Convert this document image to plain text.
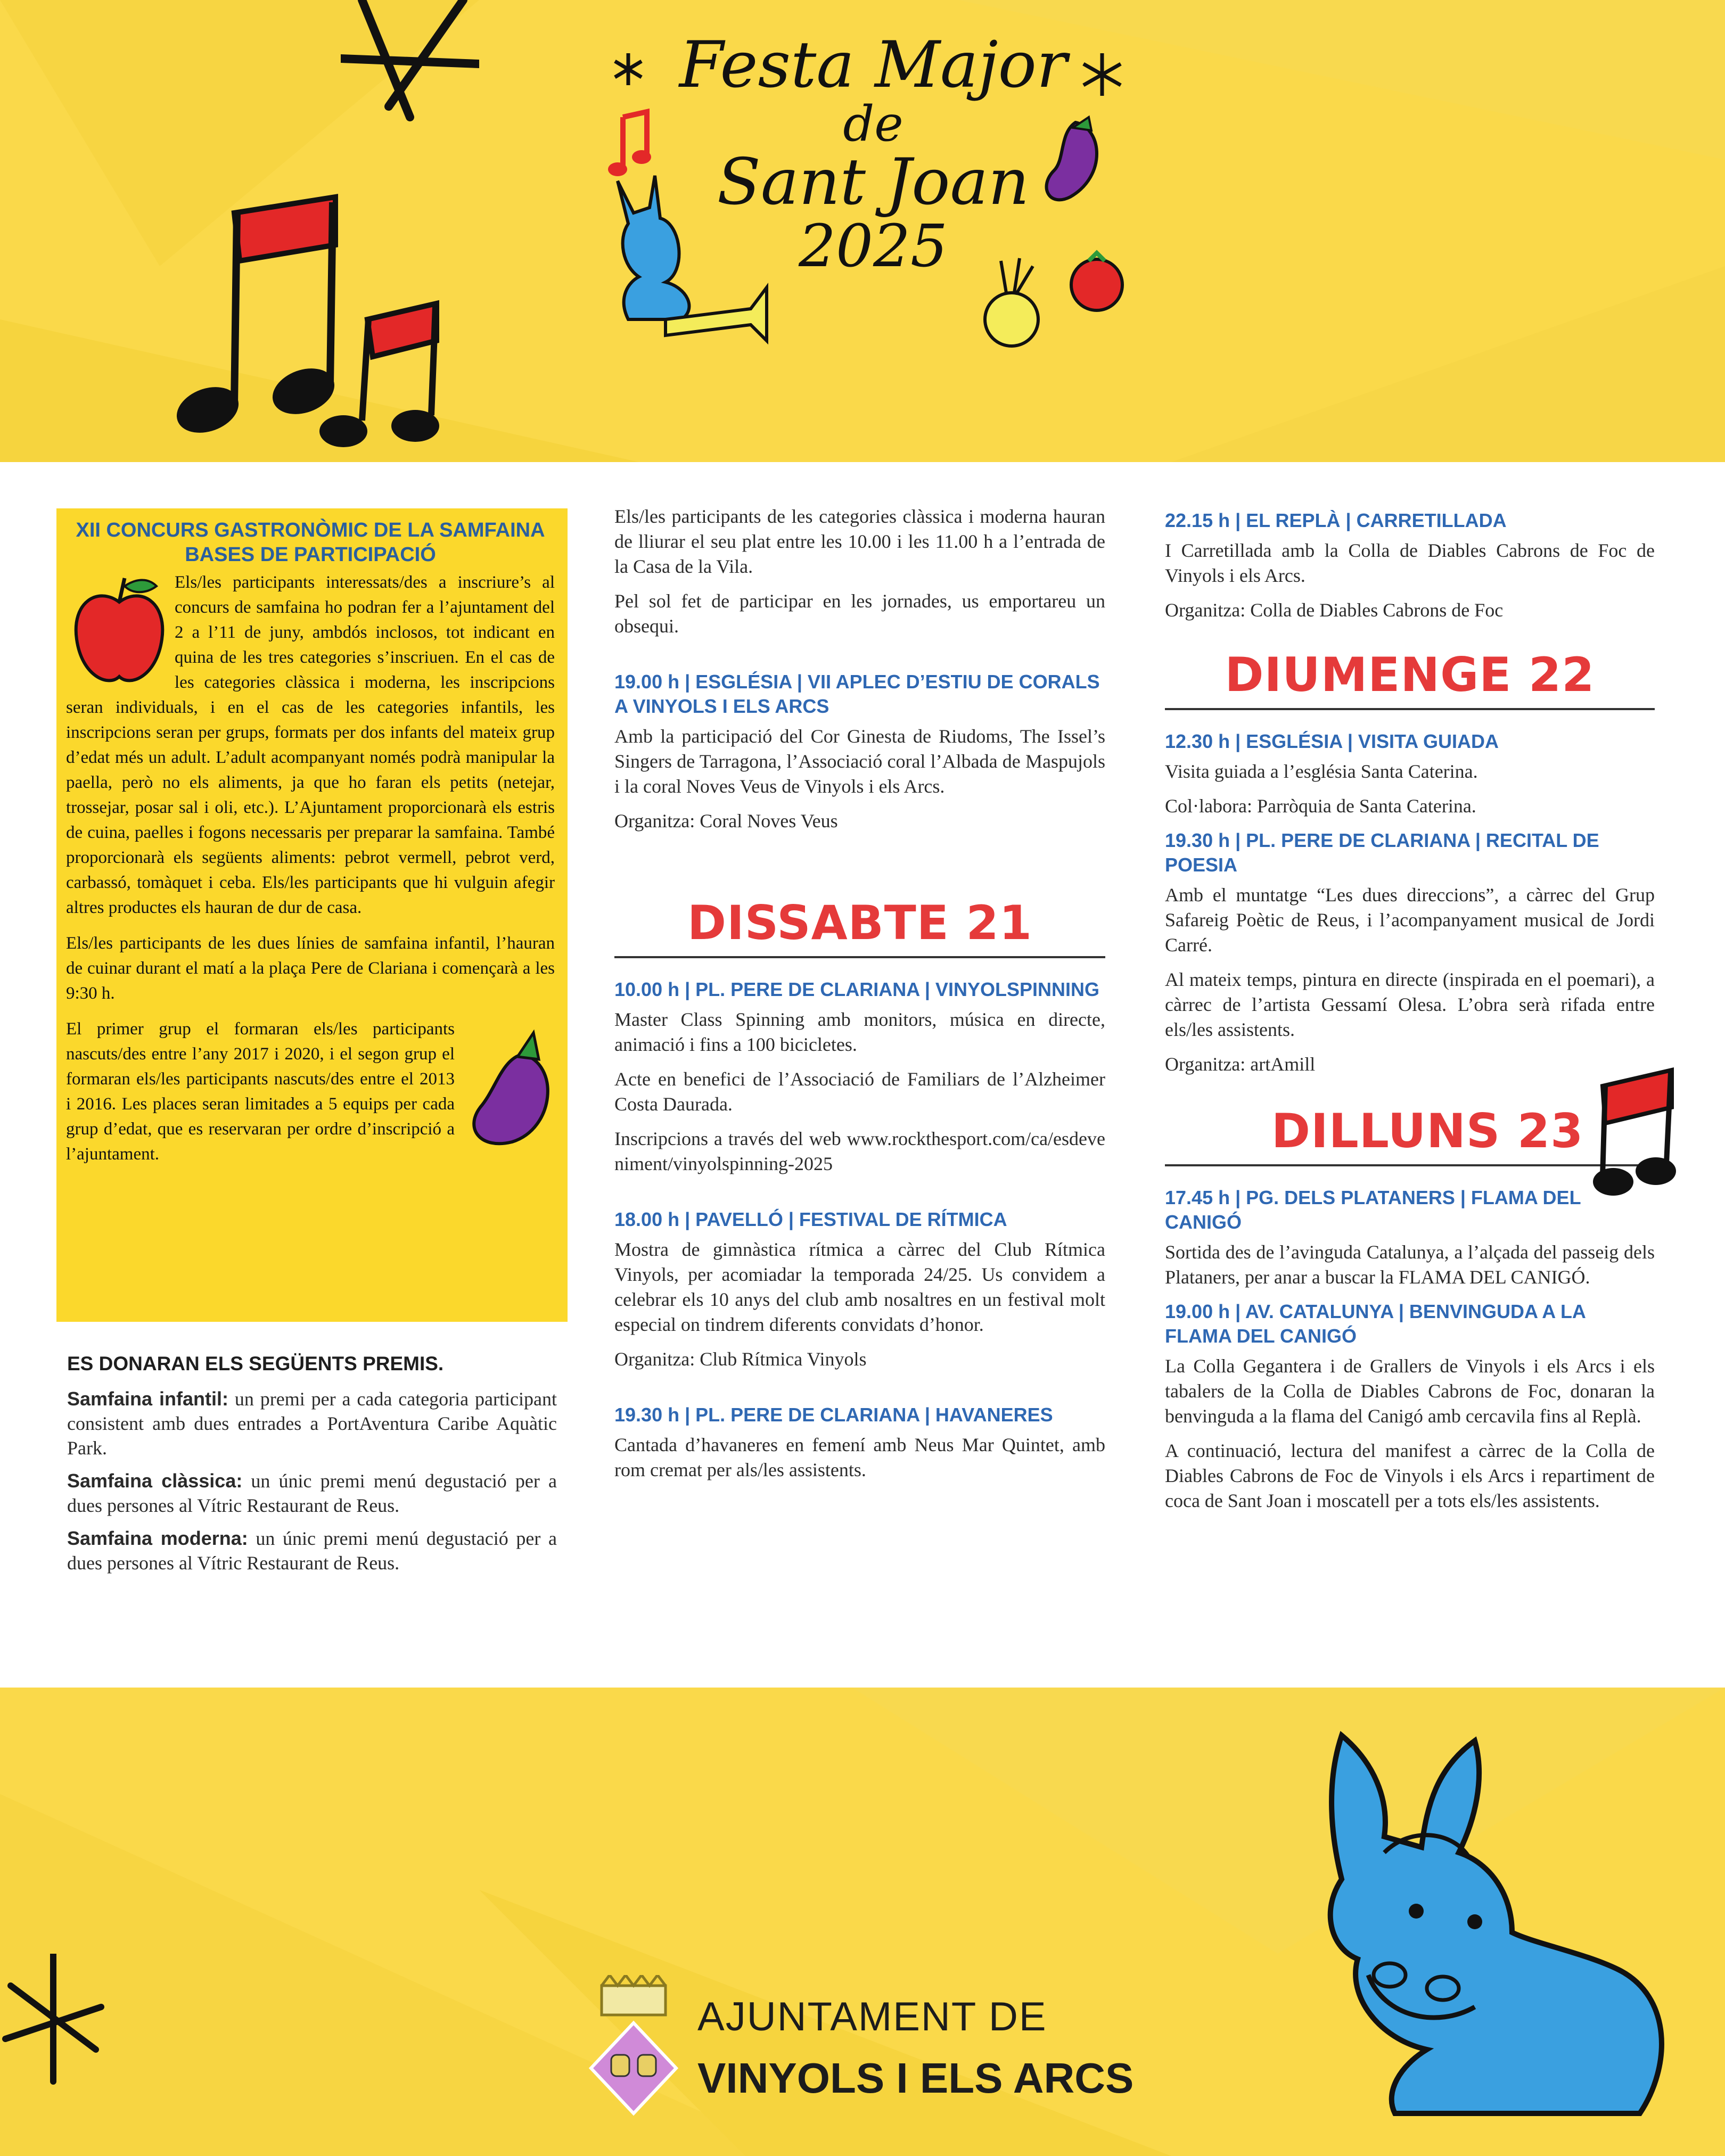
Festa Major
de
Sant Joan
2025
XII CONCURS GASTRONÒMIC DE LA SAMFAINA
BASES DE PARTICIPACIÓ

Els/les participants interessats/des a inscriure’s al concurs de samfaina ho podran fer a l’ajuntament del 2 a l’11 de juny, ambdós inclosos, tot indicant en quina de les tres categories s’inscriuen. En el cas de les categories clàssica i moderna, les inscripcions seran individuals, i en el cas de les categories infantils, les inscripcions seran per grups, formats per dos infants del mateix grup d’edat més un adult. L’adult acompanyant només podrà manipular la paella, però no els aliments, ja que ho faran els petits (netejar, trossejar, posar sal i oli, etc.). L’Ajuntament proporcionarà els estris de cuina, paelles i fogons necessaris per preparar la samfaina. També proporcionarà els següents aliments: pebrot vermell, pebrot verd, carbassó, tomàquet i ceba. Els/les participants que hi vulguin afegir altres productes els hauran de dur de casa.

Els/les participants de les dues línies de samfaina infantil, l’hauran de cuinar durant el matí a la plaça Pere de Clariana i començarà a les 9:30 h.

El primer grup el formaran els/les participants nascuts/des entre l’any 2017 i 2020, i el segon grup el formaran els/les participants nascuts/des entre el 2013 i 2016. Les places seran limitades a 5 equips per cada grup d’edat, que es reservaran per ordre d’inscripció a l’ajuntament.

ES DONARAN ELS SEGÜENTS PREMIS.

Samfaina infantil: un premi per a cada categoria participant consistent amb dues entrades a PortAventura Caribe Aquàtic Park.

Samfaina clàssica: un únic premi menú degustació per a dues persones al Vítric Restaurant de Reus.

Samfaina moderna: un únic premi menú degustació per a dues persones al Vítric Restaurant de Reus.

Els/les participants de les categories clàssica i moderna hauran de lliurar el seu plat entre les 10.00 i les 11.00 h a l’entrada de la Casa de la Vila.

Pel sol fet de participar en les jornades, us emportareu un obsequi.

19.00 h | ESGLÉSIA | VII APLEC D’ESTIU DE CORALS A VINYOLS I ELS ARCS

Amb la participació del Cor Ginesta de Riudoms, The Issel’s Singers de Tarragona, l’Associació coral l’Albada de Maspujols i la coral Noves Veus de Vinyols i els Arcs.

Organitza: Coral Noves Veus

DISSABTE 21
10.00 h | PL. PERE DE CLARIANA | VINYOLSPINNING

Master Class Spinning amb monitors, música en directe, animació i fins a 100 bicicletes.

Acte en benefici de l’Associació de Familiars de l’Alzheimer Costa Daurada.

Inscripcions a través del web www.rockthesport.com/ca/esdeveniment/vinyolspinning-2025

18.00 h | PAVELLÓ | FESTIVAL DE RÍTMICA

Mostra de gimnàstica rítmica a càrrec del Club Rítmica Vinyols, per acomiadar la temporada 24/25. Us convidem a celebrar els 10 anys del club amb nosaltres en un festival molt especial on tindrem diferents convidats d’honor.

Organitza: Club Rítmica Vinyols

19.30 h | PL. PERE DE CLARIANA | HAVANERES

Cantada d’havaneres en femení amb Neus Mar Quintet, amb rom cremat per als/les assistents.

22.15 h | EL REPLÀ | CARRETILLADA

I Carretillada amb la Colla de Diables Cabrons de Foc de Vinyols i els Arcs.

Organitza: Colla de Diables Cabrons de Foc

DIUMENGE 22
12.30 h | ESGLÉSIA | VISITA GUIADA

Visita guiada a l’església Santa Caterina.

Col·labora: Parròquia de Santa Caterina.

19.30 h | PL. PERE DE CLARIANA | RECITAL DE POESIA

Amb el muntatge “Les dues direccions”, a càrrec del Grup Safareig Poètic de Reus, i l’acompanyament musical de Jordi Carré.

Al mateix temps, pintura en directe (inspirada en el poemari), a càrrec de l’artista Gessamí Olesa. L’obra serà rifada entre els/les assistents.

Organitza: artAmill

DILLUNS 23
17.45 h | PG. DELS PLATANERS | FLAMA DEL CANIGÓ

Sortida des de l’avinguda Catalunya, a l’alçada del passeig dels Plataners, per anar a buscar la FLAMA DEL CANIGÓ.

19.00 h | AV. CATALUNYA | BENVINGUDA A LA FLAMA DEL CANIGÓ

La Colla Gegantera i de Grallers de Vinyols i els Arcs i els tabalers de la Colla de Diables Cabrons de Foc, donaran la benvinguda a la flama del Canigó amb cercavila fins al Replà.

A continuació, lectura del manifest a càrrec de la Colla de Diables Cabrons de Foc de Vinyols i els Arcs i repartiment de coca de Sant Joan i moscatell per a tots els/les assistents.

AJUNTAMENT DE
VINYOLS I ELS ARCS
